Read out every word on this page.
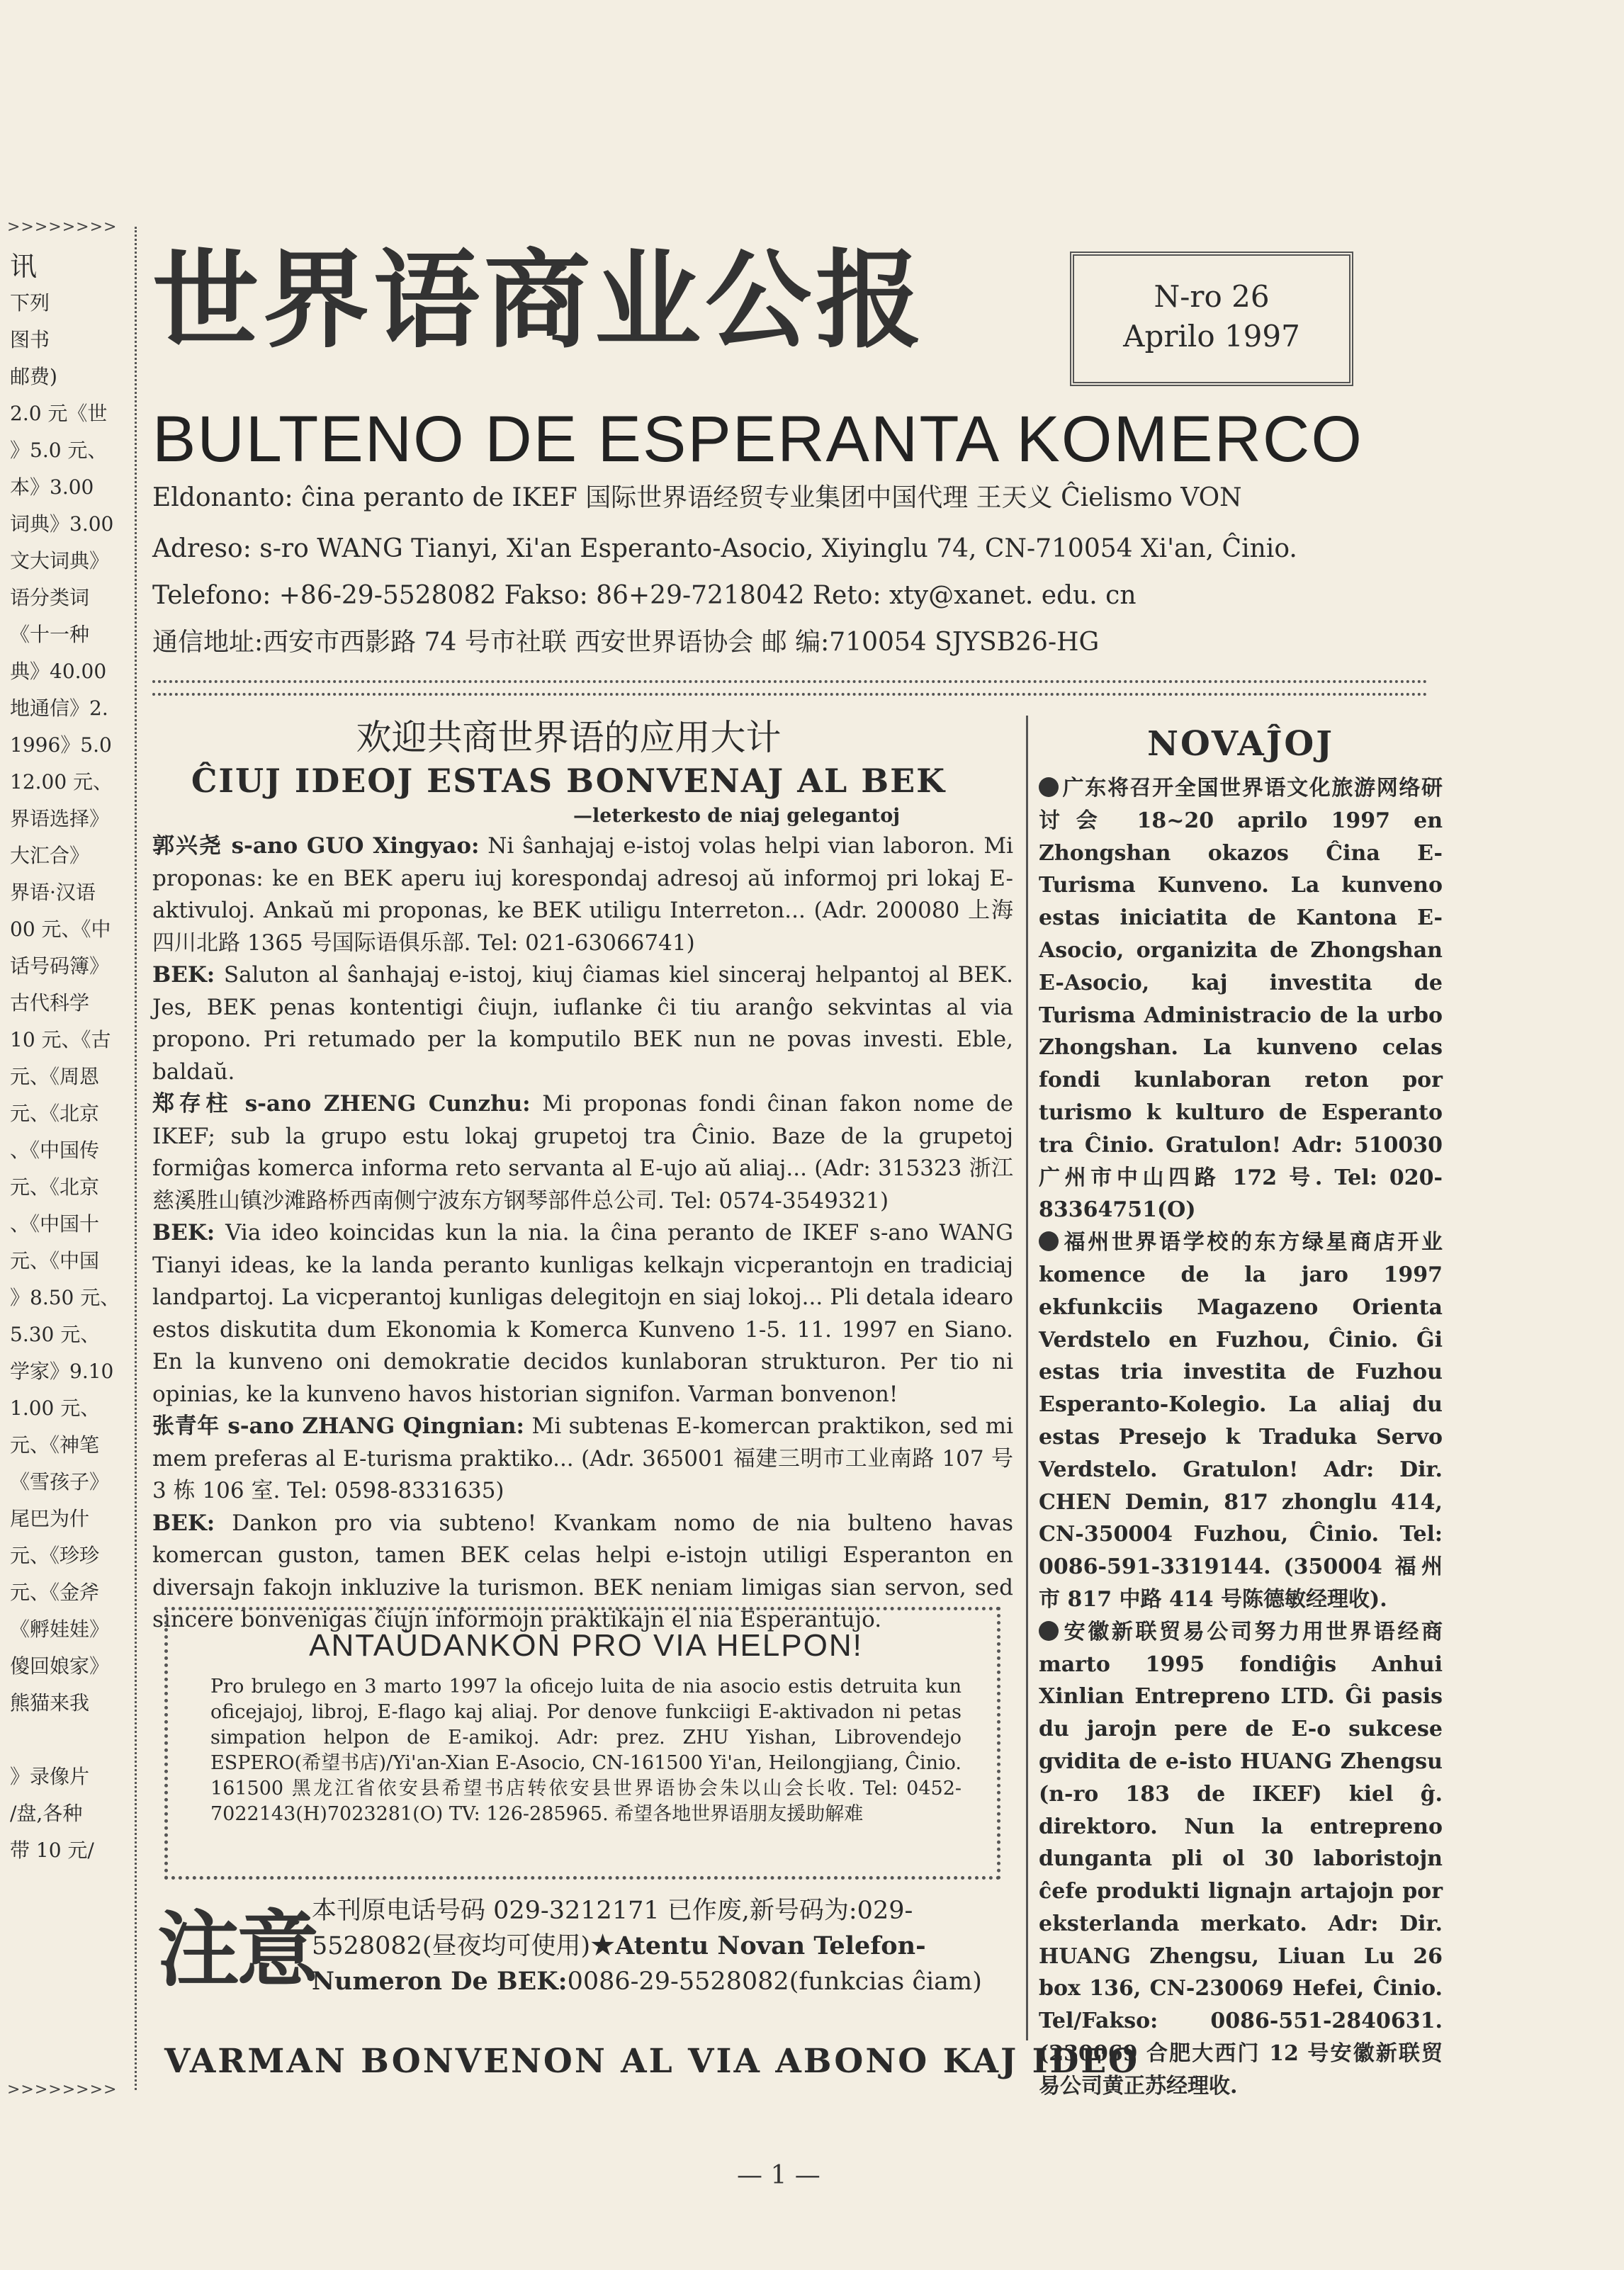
>>>>>>>>
讯
下列
图书
邮费)
2.0 元《世
》5.0 元、
本》3.00
词典》3.00
文大词典》
语分类词
《十一种
典》40.00
地通信》2.
1996》5.0
12.00 元、
界语选择》
大汇合》
界语·汉语
00 元、《中
话号码簿》
古代科学
10 元、《古
元、《周恩
元、《北京
、《中国传
元、《北京
、《中国十
元、《中国
》8.50 元、
5.30 元、
学家》9.10
1.00 元、
元、《神笔
《雪孩子》
尾巴为什
元、《珍珍
元、《金斧
《孵娃娃》
傻回娘家》
熊猫来我
》录像片
/盘,各种
带 10 元/
>>>>>>>>
世界语商业公报	N-ro 26
Aprilo 1997
BULTENO DE ESPERANTA KOMERCO
Eldonanto: ĉina peranto de IKEF 国际世界语经贸专业集团中国代理 王天义 Ĉielismo VON
Adreso: s-ro WANG Tianyi, Xi'an Esperanto-Asocio, Xiyinglu 74, CN-710054 Xi'an, Ĉinio.
Telefono: +86-29-5528082 Fakso: 86+29-7218042 Reto: xty@xanet. edu. cn
通信地址:西安市西影路 74 号市社联 西安世界语协会 邮 编:710054 SJYSB26-HG
欢迎共商世界语的应用大计
ĈIUJ IDEOJ ESTAS BONVENAJ AL BEK
—leterkesto de niaj gelegantoj

郭兴尧 s-ano GUO Xingyao: Ni ŝanhajaj e-istoj volas helpi vian laboron. Mi proponas: ke en BEK aperu iuj korespondaj adresoj aŭ informoj pri lokaj E-aktivuloj. Ankaŭ mi proponas, ke BEK utiligu Interreton... (Adr. 200080 上海四川北路 1365 号国际语俱乐部. Tel: 021-63066741)

BEK: Saluton al ŝanhajaj e-istoj, kiuj ĉiamas kiel sinceraj helpantoj al BEK. Jes, BEK penas kontentigi ĉiujn, iuflanke ĉi tiu aranĝo sekvintas al via propono. Pri retumado per la komputilo BEK nun ne povas investi. Eble, baldaŭ.

郑存柱 s-ano ZHENG Cunzhu: Mi proponas fondi ĉinan fakon nome de IKEF; sub la grupo estu lokaj grupetoj tra Ĉinio. Baze de la grupetoj formiĝas komerca informa reto servanta al E-ujo aŭ aliaj... (Adr: 315323 浙江慈溪胜山镇沙滩路桥西南侧宁波东方钢琴部件总公司. Tel: 0574-3549321)

BEK: Via ideo koincidas kun la nia. la ĉina peranto de IKEF s-ano WANG Tianyi ideas, ke la landa peranto kunligas kelkajn vicperantojn en tradiciaj landpartoj. La vicperantoj kunligas delegitojn en siaj lokoj... Pli detala idearo estos diskutita dum Ekonomia k Komerca Kunveno 1-5. 11. 1997 en Siano. En la kunveno oni demokratie decidos kunlaboran strukturon. Per tio ni opinias, ke la kunveno havos historian signifon. Varman bonvenon!

张青年 s-ano ZHANG Qingnian: Mi subtenas E-komercan praktikon, sed mi mem preferas al E-turisma praktiko... (Adr. 365001 福建三明市工业南路 107 号 3 栋 106 室. Tel: 0598-8331635)

BEK: Dankon pro via subteno! Kvankam nomo de nia bulteno havas komercan guston, tamen BEK celas helpi e-istojn utiligi Esperanton en diversajn fakojn inkluzive la turismon. BEK neniam limigas sian servon, sed sincere bonvenigas ĉiujn informojn praktikajn el nia Esperantujo.

ANTAŬDANKON PRO VIA HELPON!
Pro brulego en 3 marto 1997 la oficejo luita de nia asocio estis detruita kun oficejajoj, libroj, E-flago kaj aliaj. Por denove funkciigi E-aktivadon ni petas simpation helpon de E-amikoj. Adr: prez. ZHU Yishan, Librovendejo ESPERO(希望书店)/Yi'an-Xian E-Asocio, CN-161500 Yi'an, Heilongjiang, Ĉinio. 161500 黑龙江省依安县希望书店转依安县世界语协会朱以山会长收. Tel: 0452-7022143(H)7023281(O) TV: 126-285965. 希望各地世界语朋友援助解难
注意
本刊原电话号码 029-3212171 已作废,新号码为:029-5528082(昼夜均可使用)★Atentu Novan Telefon-Numeron De BEK:0086-29-5528082(funkcias ĉiam)
VARMAN BONVENON AL VIA ABONO KAJ IDEO
— 1 —
NOVAĴOJ

广东将召开全国世界语文化旅游网络研讨会 18~20 aprilo 1997 en Zhongshan okazos Ĉina E-Turisma Kunveno. La kunveno estas iniciatita de Kantona E-Asocio, organizita de Zhongshan E-Asocio, kaj investita de Turisma Administracio de la urbo Zhongshan. La kunveno celas fondi kunlaboran reton por turismo k kulturo de Esperanto tra Ĉinio. Gratulon! Adr: 510030 广州市中山四路 172 号. Tel: 020-83364751(O)

福州世界语学校的东方绿星商店开业 komence de la jaro 1997 ekfunkciis Magazeno Orienta Verdstelo en Fuzhou, Ĉinio. Ĝi estas tria investita de Fuzhou Esperanto-Kolegio. La aliaj du estas Presejo k Traduka Servo Verdstelo. Gratulon! Adr: Dir. CHEN Demin, 817 zhonglu 414, CN-350004 Fuzhou, Ĉinio. Tel: 0086-591-3319144. (350004 福州市 817 中路 414 号陈德敏经理收).

安徽新联贸易公司努力用世界语经商 marto 1995 fondiĝis Anhui Xinlian Entrepreno LTD. Ĝi pasis du jarojn pere de E-o sukcese gvidita de e-isto HUANG Zhengsu (n-ro 183 de IKEF) kiel ĝ. direktoro. Nun la entrepreno dunganta pli ol 30 laboristojn ĉefe produkti lignajn artajojn por eksterlanda merkato. Adr: Dir. HUANG Zhengsu, Liuan Lu 26 box 136, CN-230069 Hefei, Ĉinio. Tel/Fakso: 0086-551-2840631. (230069 合肥大西门 12 号安徽新联贸易公司黄正苏经理收.
